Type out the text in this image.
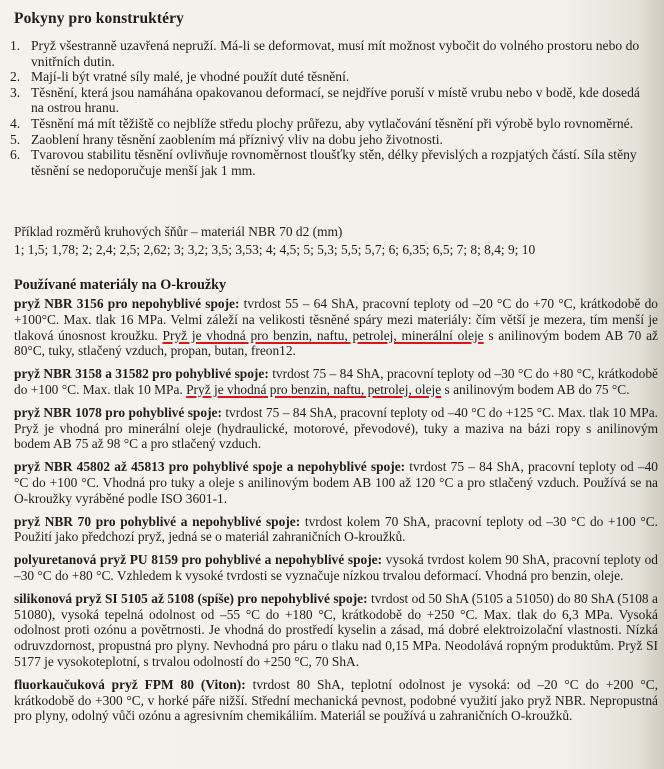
Pokyny pro konstruktéry
1. Pryž všestranně uzavřená nepruží. Má-li se deformovat, musí mít možnost vybočit do volného prostoru nebo do vnitřních dutin.
2. Mají-li být vratné síly malé, je vhodné použít duté těsnění.
3. Těsnění, která jsou namáhána opakovanou deformací, se nejdříve poruší v místě vrubu nebo v bodě, kde dosedá na ostrou hranu.
4. Těsnění má mít těžiště co nejblíže středu plochy průřezu, aby vytlačování těsnění při výrobě bylo rovnoměrné.
5. Zaoblení hrany těsnění zaoblením má příznivý vliv na dobu jeho životnosti.
6. Tvarovou stabilitu těsnění ovlivňuje rovnoměrnost tloušťky stěn, délky převislých a rozpjatých částí. Síla stěny těsnění se nedoporučuje menší jak 1 mm.
Příklad rozměrů kruhových šňůr – materiál NBR 70 d2 (mm)
1; 1,5; 1,78; 2; 2,4; 2,5; 2,62; 3; 3,2; 3,5; 3,53; 4; 4,5; 5; 5,3; 5,5; 5,7; 6; 6,35; 6,5; 7; 8; 8,4; 9; 10
Používané materiály na O-kroužky

pryž NBR 3156 pro nepohyblivé spoje: tvrdost 55 – 64 ShA, pracovní teploty od –20 °C do +70 °C, krátkodobě do +100°C. Max. tlak 16 MPa. Velmi záleží na velikosti těsněné spáry mezi materiály: čím větší je mezera, tím menší je tlaková únosnost kroužku. Pryž je vhodná pro benzin, naftu, petrolej, minerální oleje s anilinovým bodem AB 70 až 80°C, tuky, stlačený vzduch, propan, butan, freon12.

pryž NBR 3158 a 31582 pro pohyblivé spoje: tvrdost 75 – 84 ShA, pracovní teploty od –30 °C do +80 °C, krátkodobě do +100 °C. Max. tlak 10 MPa. Pryž je vhodná pro benzin, naftu, petrolej, oleje s anilinovým bodem AB do 75 °C.

pryž NBR 1078 pro pohyblivé spoje: tvrdost 75 – 84 ShA, pracovní teploty od –40 °C do +125 °C. Max. tlak 10 MPa. Pryž je vhodná pro minerální oleje (hydraulické, motorové, převodové), tuky a maziva na bázi ropy s anilinovým bodem AB 75 až 98 °C a pro stlačený vzduch.

pryž NBR 45802 až 45813 pro pohyblivé spoje a nepohyblivé spoje: tvrdost 75 – 84 ShA, pracovní teploty od –40 °C do +100 °C. Vhodná pro tuky a oleje s anilinovým bodem AB 100 až 120 °C a pro stlačený vzduch. Používá se na O-kroužky vyráběné podle ISO 3601-1.

pryž NBR 70 pro pohyblivé a nepohyblivé spoje: tvrdost kolem 70 ShA, pracovní teploty od –30 °C do +100 °C. Použití jako předchozí pryž, jedná se o materiál zahraničních O-kroužků.

polyuretanová pryž PU 8159 pro pohyblivé a nepohyblivé spoje: vysoká tvrdost kolem 90 ShA, pracovní teploty od –30 °C do +80 °C. Vzhledem k vysoké tvrdosti se vyznačuje nízkou trvalou deformací. Vhodná pro benzin, oleje.

silikonová pryž SI 5105 až 5108 (spíše) pro nepohyblivé spoje: tvrdost od 50 ShA (5105 a 51050) do 80 ShA (5108 a 51080), vysoká tepelná odolnost od –55 °C do +180 °C, krátkodobě do +250 °C. Max. tlak do 6,3 MPa. Vysoká odolnost proti ozónu a povětrnosti. Je vhodná do prostředí kyselin a zásad, má dobré elektroizolační vlastnosti. Nízká odruvzdornost, propustná pro plyny. Nevhodná pro páru o tlaku nad 0,15 MPa. Neodolává ropným produktům. Pryž SI 5177 je vysokoteplotní, s trvalou odolností do +250 °C, 70 ShA.

fluorkaučuková pryž FPM 80 (Viton): tvrdost 80 ShA, teplotní odolnost je vysoká: od –20 °C do +200 °C, krátkodobě do +300 °C, v horké páře nižší. Střední mechanická pevnost, podobné využití jako pryž NBR. Nepropustná pro plyny, odolný vůči ozónu a agresivním chemikáliím. Materiál se používá u zahraničních O-kroužků.
